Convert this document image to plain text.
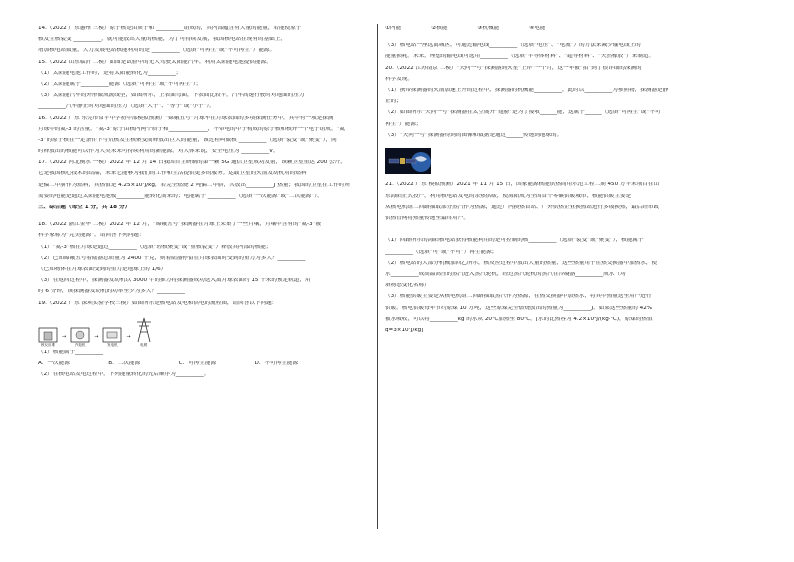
14.（2022 广东惠州 三模）原子核是由质子和 __________组成的，其内部蕴含有大量的能量，若能使原子
核发生核裂变 __________，就可能放出大量的核能，为了可持续发展，我国核电站在现有的基础上，
增加核电站数量，大力发展电站核能利用的是 __________（选填“可再生”或“不可再生”）能源。
15.（2022 山东临沂 二模）如图是试验中的无人驾驶太阳能汽车，利用太阳能电池提供能源。
（1）太阳能电池工作时，是将太阳能转化为__________；
（2）太阳能属于__________能源（选填“可再生”或“不可再生”）；
（3）太阳能汽车的外形做成流线型，如图所示，上表面弯曲，下表面比较平，汽车高速行驶时对地面的压力
__________汽车静止时对地面的压力（选填“大于”、“等于”或“小于”）。
16.（2022 广东 东莞市常平中学初中部模拟预测）“嫦娥五号”月球车在月球表面的多项探测任务中，其中有一项是探测
月球中的氦-3 的含量，“氦-3”原子由核内两个质子和______________，不带电的中子构成的原子核和核外一个电子组成。“氦
-3”的原子核在一定条件下与氘核发生核聚变而释放出巨大的能量，该过程叫做核 __________（选填“裂变”或“聚变”），同
时释放出的核能可以作为人类未来可持续利用的新能源。对人体来说，安全电压为 __________V。
17.（2022 河北衡水 一模）2022 年 12 月 14 日我国自主研制的第一颗 5G 通信卫星成功发射，该颗卫星重达 200 公斤，
它是我国核心技术的结晶，未来它能够为我们的工作和生活提供更多的服务。运载卫星的火箭发动机用的燃料
是偏二甲肼作为燃料，其热值是 4.25×10⁷J/kg，若完全燃烧 2 吨偏二甲肼，共放出__________J 热量；我国的卫星在工作时所
需要的电能是通过太阳能电池板__________能转化而来的；电能属于 __________（选填“一次能源”或“二次能源”）。
三、综合题（每空 1 分，共 18 分）
18.（2022 浙江金华 二模）2022 年 12 月，“嫦娥五号”探测器在月球上采集了一些月壤，月壤中含有的“氦-3”被
科学家称为“完美能源”。请回答下列问题：
（1）“氦-3”核在月球是通过__________（选填“轻核聚变”或“重核裂变”）释放其内部的核能；
（2）已知嫦娥五号着陆器总质量为 2400 千克，则着陆器停留在月球表面时受到的重力为多大？__________
（已知物体在月球表面受到的重力是地球上的 1/6）
（3）在返回过程中，探测器发动机以 3000 牛的推力将探测器成功送入离月球表面约 15 千米的预定轨道，用
时 6 分钟，该探测器发动机的功率至少为多大？__________
19.（2022 广东 深圳实验学校三模）如图所示是核电站发电和供电的流程图，请回答以下问题：
核反应堆
→
汽轮机
→
发电机
→
电网
（1）核能属于__________
A．一次能源	B．二次能源	C．可再生能源	D．不可再生能源
（2）在核电站发电过程中，下列能量转化的先后顺序为__________。
①内能	②核能	③机械能	④电能
（3）核电站一座远离城区，可通过输电线__________（选填“电压”、“电流”）的方法来减少输电线上的
能量损耗。未来，理想的输电线可选用__________（选填“半导体材料”、“超导材料”、“天然橡胶”）来制造。
20.（2022 江苏南京 二模）“天问一号”探测器到火星“上岸”一个月，这一年被“拍”到了很详细的深测的
科学发现。
（1）携带探测器的火箭加速上升的过程中，探测器的机械能__________，此时以__________为参照物，探测器是静
止的；
（2）如图所示“天问一号”探测器在太空展开“翅膀”是为了接收______能，这属于______（选填“可再生”或“不可
再生”）能源；
（3）“天问一号”探测器得到的图像和数据是通过______传递到地球的。
21.（2022 广东 模拟预测）2021 年 11 月 15 日，国家能源核能供热商用示范工程二期 450 万平米项目在山
东海阳正式投产，利用核电站发电的余热供暖，使海阳成为全国首个零碳供暖城市，核能供暖主要是
从核电机组二回路抽取部分蒸汽作为热源，通过厂内换热首站、厂外供热企业换热站进行多级换热，最后经市政
供热管网将热量传递至最终用户。
（1）回路所示的海阳核电站获得核能利用的是可控制的核__________（选填“裂变”或“聚变”），核能属于
__________（选填“可”或“不可”）再生能源；
（2）核电站的大部分机械加回乙所示，核反应过程中放出大量的热量，这些热量用于在热交换器中加热水，使
水__________成高温高压的蒸汽进入蒸汽轮机，经过蒸汽轮机的蒸汽在冷凝器__________成水（均
填物态变化名称）
（3）核能供暖主要是从核电机组二回路抽取蒸汽作为热源，在热交换器中加热水，将其中热量送至用户进行
供暖。核电供暖每年节约原煤 10 万吨，这些原煤完全燃烧放出的热量为__________J。如果这些热量的 42%
被水吸收，可以将__________kg 的水从 20℃加热至 80℃。[水的比热容为 4.2×10³J/(kg·℃)，原煤的热值
q=3×10⁷J/kg]
